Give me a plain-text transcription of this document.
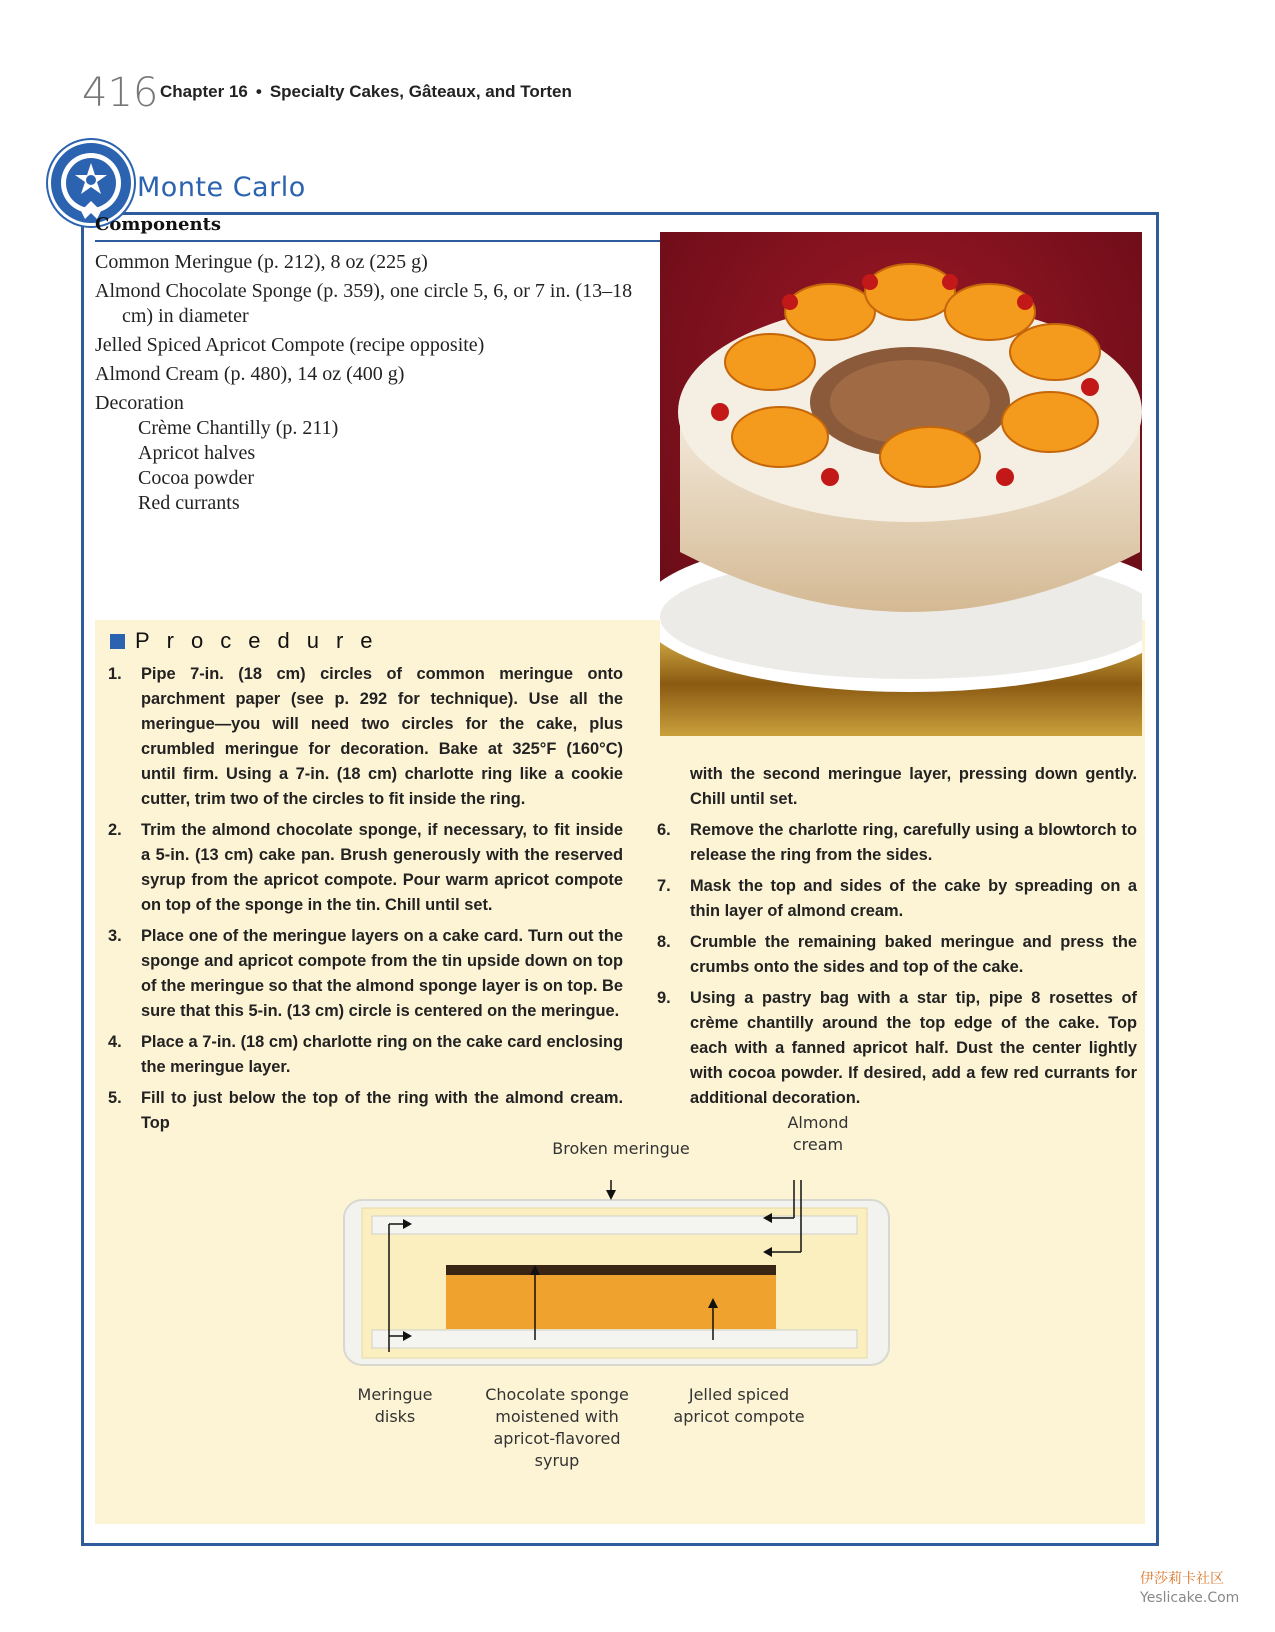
416 Chapter 16 • Specialty Cakes, Gâteaux, and Torten
Monte Carlo
Components
Common Meringue (p. 212), 8 oz (225 g)
Almond Chocolate Sponge (p. 359), one circle 5, 6, or 7 in. (13–18 cm) in diameter
Jelled Spiced Apricot Compote (recipe opposite)
Almond Cream (p. 480), 14 oz (400 g)
Decoration
Crème Chantilly (p. 211)
Apricot halves
Cocoa powder
Red currants
Procedure
1. Pipe 7-in. (18 cm) circles of common meringue onto parchment paper (see p. 292 for technique). Use all the meringue—you will need two circles for the cake, plus crumbled meringue for decoration. Bake at 325°F (160°C) until firm. Using a 7-in. (18 cm) charlotte ring like a cookie cutter, trim two of the circles to fit inside the ring.
2. Trim the almond chocolate sponge, if necessary, to fit inside a 5-in. (13 cm) cake pan. Brush generously with the reserved syrup from the apricot compote. Pour warm apricot compote on top of the sponge in the tin. Chill until set.
3. Place one of the meringue layers on a cake card. Turn out the sponge and apricot compote from the tin upside down on top of the meringue so that the almond sponge layer is on top. Be sure that this 5-in. (13 cm) circle is centered on the meringue.
4. Place a 7-in. (18 cm) charlotte ring on the cake card enclosing the meringue layer.
5. Fill to just below the top of the ring with the almond cream. Top
with the second meringue layer, pressing down gently. Chill until set.
6. Remove the charlotte ring, carefully using a blowtorch to release the ring from the sides.
7. Mask the top and sides of the cake by spreading on a thin layer of almond cream.
8. Crumble the remaining baked meringue and press the crumbs onto the sides and top of the cake.
9. Using a pastry bag with a star tip, pipe 8 rosettes of crème chantilly around the top edge of the cake. Top each with a fanned apricot half. Dust the center lightly with cocoa powder. If desired, add a few red currants for additional decoration.
Broken meringue
Almond cream
Meringue disks
Chocolate sponge moistened with apricot-flavored syrup
Jelled spiced apricot compote
伊莎莉卡社区
Yeslicake.Com
